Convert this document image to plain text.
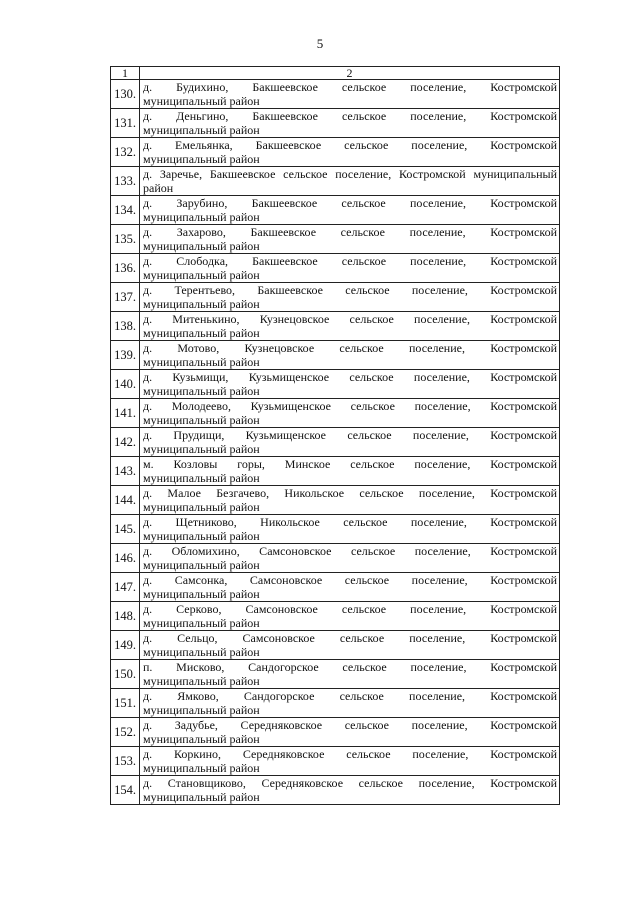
5
1	2
130.	д. Будихино, Бакшеевское сельское поселение, Костромской
муниципальный район

131.	д. Деньгино, Бакшеевское сельское поселение, Костромской
муниципальный район

132.	д. Емельянка, Бакшеевское сельское поселение, Костромской
муниципальный район

133.	д. Заречье, Бакшеевское сельское поселение, Костромской муниципальный
район

134.	д. Зарубино, Бакшеевское сельское поселение, Костромской
муниципальный район

135.	д. Захарово, Бакшеевское сельское поселение, Костромской
муниципальный район

136.	д. Слободка, Бакшеевское сельское поселение, Костромской
муниципальный район

137.	д. Терентьево, Бакшеевское сельское поселение, Костромской
муниципальный район

138.	д. Митенькино, Кузнецовское сельское поселение, Костромской
муниципальный район

139.	д. Мотово, Кузнецовское сельское поселение, Костромской
муниципальный район

140.	д. Кузьмищи, Кузьмищенское сельское поселение, Костромской
муниципальный район

141.	д. Молодеево, Кузьмищенское сельское поселение, Костромской
муниципальный район

142.	д. Прудищи, Кузьмищенское сельское поселение, Костромской
муниципальный район

143.	м. Козловы горы, Минское сельское поселение, Костромской
муниципальный район

144.	д. Малое Безгачево, Никольское сельское поселение, Костромской
муниципальный район

145.	д. Щетниково, Никольское сельское поселение, Костромской
муниципальный район

146.	д. Обломихино, Самсоновское сельское поселение, Костромской
муниципальный район

147.	д. Самсонка, Самсоновское сельское поселение, Костромской
муниципальный район

148.	д. Серково, Самсоновское сельское поселение, Костромской
муниципальный район

149.	д. Сельцо, Самсоновское сельское поселение, Костромской
муниципальный район

150.	п. Мисково, Сандогорское сельское поселение, Костромской
муниципальный район

151.	д. Ямково, Сандогорское сельское поселение, Костромской
муниципальный район

152.	д. Задубье, Середняковское сельское поселение, Костромской
муниципальный район

153.	д. Коркино, Середняковское сельское поселение, Костромской
муниципальный район

154.	д. Становщиково, Середняковское сельское поселение, Костромской
муниципальный район
